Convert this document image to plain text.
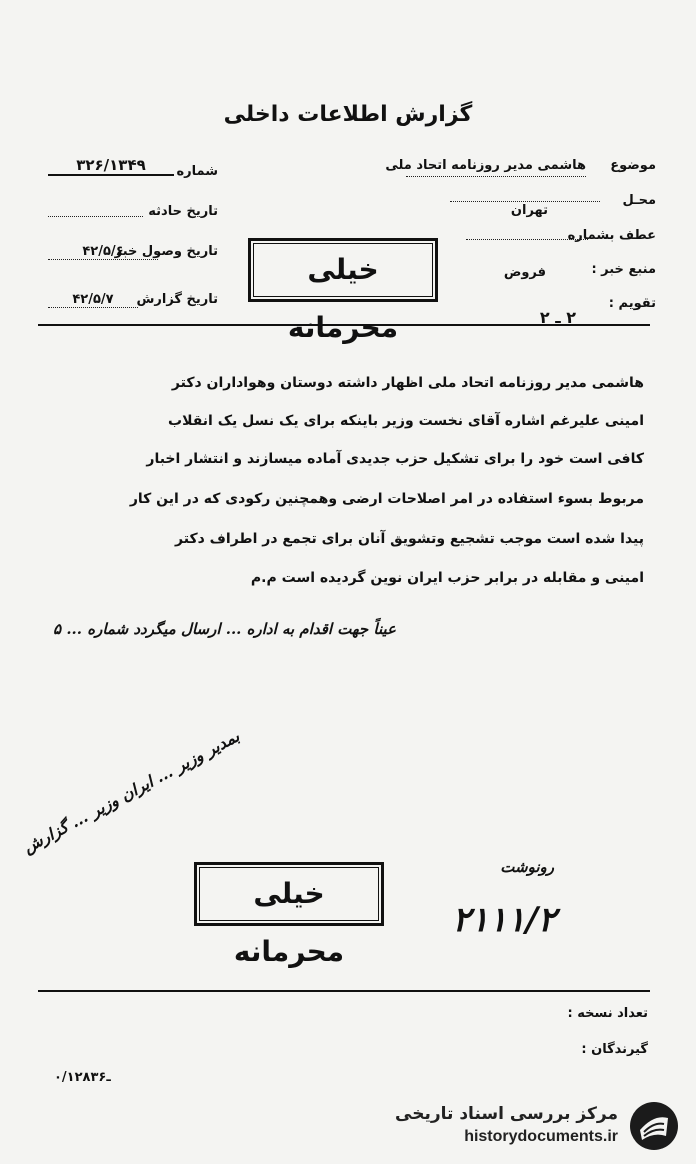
گزارش اطلاعات داخلی
موضوع
هاشمی مدیر روزنامه اتحاد ملی
محـل
تهران
عطف بشماره
منبع خبر :
فروض
تقویم :
۲ ـ ۲
شماره
۳۲۶/۱۳۴۹
تاریخ حادثه
تاریخ وصول خبر
۴۲/۵/۶
تاریخ گزارش
۴۲/۵/۷
خیلی محرمانه
هاشمی مدیر روزنامه اتحاد ملی اظهار داشته دوستان وهواداران دکتر
امینی علیرغم اشاره آقای نخست وزیر باینکه برای یک نسل یک انقلاب
کافی است خود را برای تشکیل حزب جدیدی آماده میسازند و انتشار اخبار
مربوط بسوء استفاده در امر اصلاحات ارضی وهمچنین رکودی که در این کار
پیدا شده است موجب تشجیع وتشویق آنان برای تجمع در اطراف دکتر
امینی و مقابله در برابر حزب ایران نوین گردیده است م.م
عیناً جهت اقدام به اداره ... ارسال میگردد شماره ... ۵
بمدیر وزیر ... ایران وزیر ... گزارش
خیلی محرمانه
رونوشت
۲۱۱۱/۲
تعداد نسخه :
گیرندگان :
۰/۱۲۸ـ۳۶
مرکز بررسی اسناد تاریخی
historydocuments.ir
